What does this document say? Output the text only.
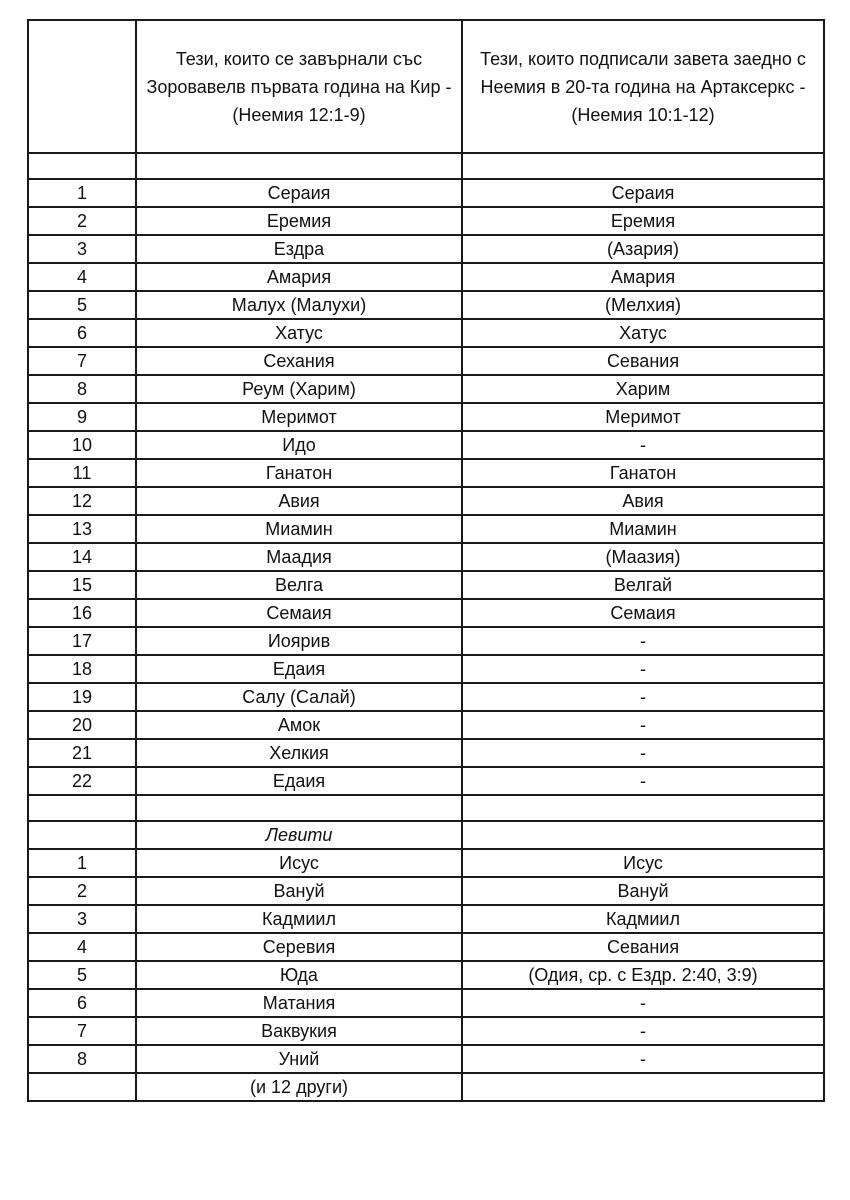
	Тези, които се завърнали със Зоровавелв първата година на Кир - (Неемия 12:1-9)	Тези, които подписали завета заедно с Неемия в 20-та година на Артаксеркс - (Неемия 10:1-12)

1	Сераия	Сераия
2	Еремия	Еремия
3	Ездра	(Азария)
4	Амария	Амария
5	Малух (Малухи)	(Мелхия)
6	Хатус	Хатус
7	Сехания	Севания
8	Реум (Харим)	Харим
9	Меримот	Меримот
10	Идо	-
11	Ганатон	Ганатон
12	Авия	Авия
13	Миамин	Миамин
14	Маадия	(Маазия)
15	Велга	Велгай
16	Семаия	Семаия
17	Иоярив	-
18	Едаия	-
19	Салу (Салай)	-
20	Амок	-
21	Хелкия	-
22	Едаия	-

	Левити	
1	Исус	Исус
2	Вануй	Вануй
3	Кадмиил	Кадмиил
4	Серевия	Севания
5	Юда	(Одия, ср. с Ездр. 2:40, 3:9)
6	Матания	-
7	Ваквукия	-
8	Уний	-
	(и 12 други)	
